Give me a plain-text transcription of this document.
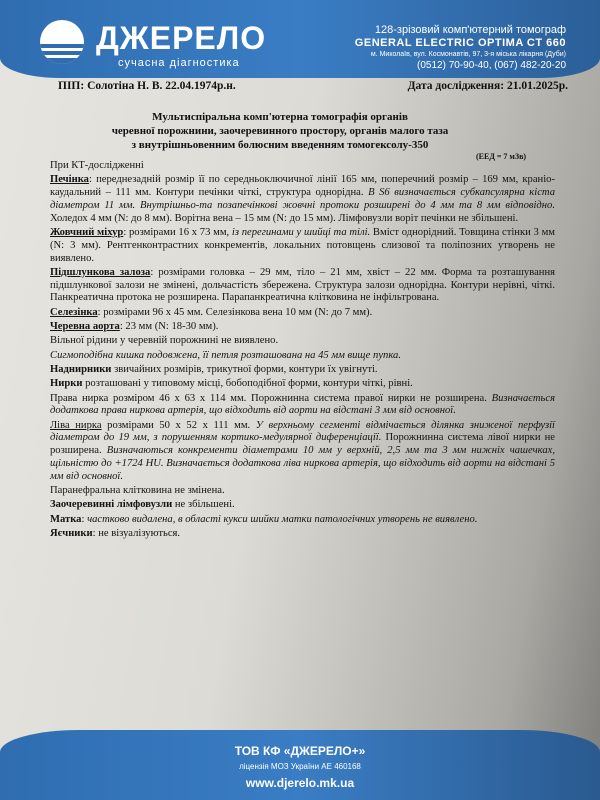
ДЖЕРЕЛО
сучасна діагностика
128-зрізовий комп'ютерний томограф
GENERAL ELECTRIC OPTIMA CT 660
м. Миколаїв, вул. Космонавтів, 97, 3-я міська лікарня (Дуби)
(0512) 70-90-40, (067) 482-20-20
ПІП: Солотіна Н. В. 22.04.1974р.н.	Дата дослідження: 21.01.2025р.
Мультиспіральна комп'ютерна томографія органів
черевної порожнини, заочеревинного простору, органів малого таза
з внутрішньовенним болюсним введенням томогексолу-350
(ЕЕД = 7 мЗв)

При КТ-дослідженні

Печінка: переднезадній розмір її по середньоключичної лінії 165 мм, поперечний розмір – 169 мм, краніо-каудальний – 111 мм. Контури печінки чіткі, структура однорідна. В S6 визначається субкапсулярна кіста діаметром 11 мм. Внутрішньо-та позапечінкові жовчні протоки розширені до 4 мм та 8 мм відповідно. Холедох 4 мм (N: до 8 мм). Ворітна вена – 15 мм (N: до 15 мм). Лімфовузли воріт печінки не збільшені.

Жовчний міхур: розмірами 16 х 73 мм, із перегинами у шийці та тілі. Вміст однорідний. Товщина стінки 3 мм (N: 3 мм). Рентгенконтрастних конкрементів, локальних потовщень слизової та поліпозних утворень не виявлено.

Підшлункова залоза: розмірами головка – 29 мм, тіло – 21 мм, хвіст – 22 мм. Форма та розташування підшлункової залози не змінені, дольчастість збережена. Структура залози однорідна. Контури нерівні, чіткі. Панкреатична протока не розширена. Парапанкреатична клітковина не інфільтрована.

Селезінка: розмірами 96 х 45 мм. Селезінкова вена 10 мм (N: до 7 мм).

Черевна аорта: 23 мм (N: 18-30 мм).

Вільної рідини у черевній порожнині не виявлено.

Сигмоподібна кишка подовжена, її петля розташована на 45 мм вище пупка.

Наднирники звичайних розмірів, трикутної форми, контури їх увігнуті.

Нирки розташовані у типовому місці, бобоподібної форми, контури чіткі, рівні.

Права нирка розміром 46 х 63 х 114 мм. Порожнинна система правої нирки не розширена. Визначається додаткова права ниркова артерія, що відходить від аорти на відстані 3 мм від основної.

Ліва нирка розмірами 50 х 52 х 111 мм. У верхньому сегменті відмічається ділянка зниженої перфузії діаметром до 19 мм, з порушенням кортико-медулярної диференціації. Порожнинна система лівої нирки не розширена. Визначаються конкременти діаметрами 10 мм у верхній, 2,5 мм та 3 мм нижніх чашечках, щільністю до +1724 HU. Визначається додаткова ліва ниркова артерія, що відходить від аорти на відстані 5 мм від основної.

Паранефральна клітковина не змінена.

Заочеревинні лімфовузли не збільшені.

Матка: частково видалена, в області кукси шийки матки патологічних утворень не виявлено.

Яєчники: не візуалізуються.

ТОВ КФ «ДЖЕРЕЛО+»
ліцензія МОЗ України АЕ 460168
www.djerelo.mk.ua
